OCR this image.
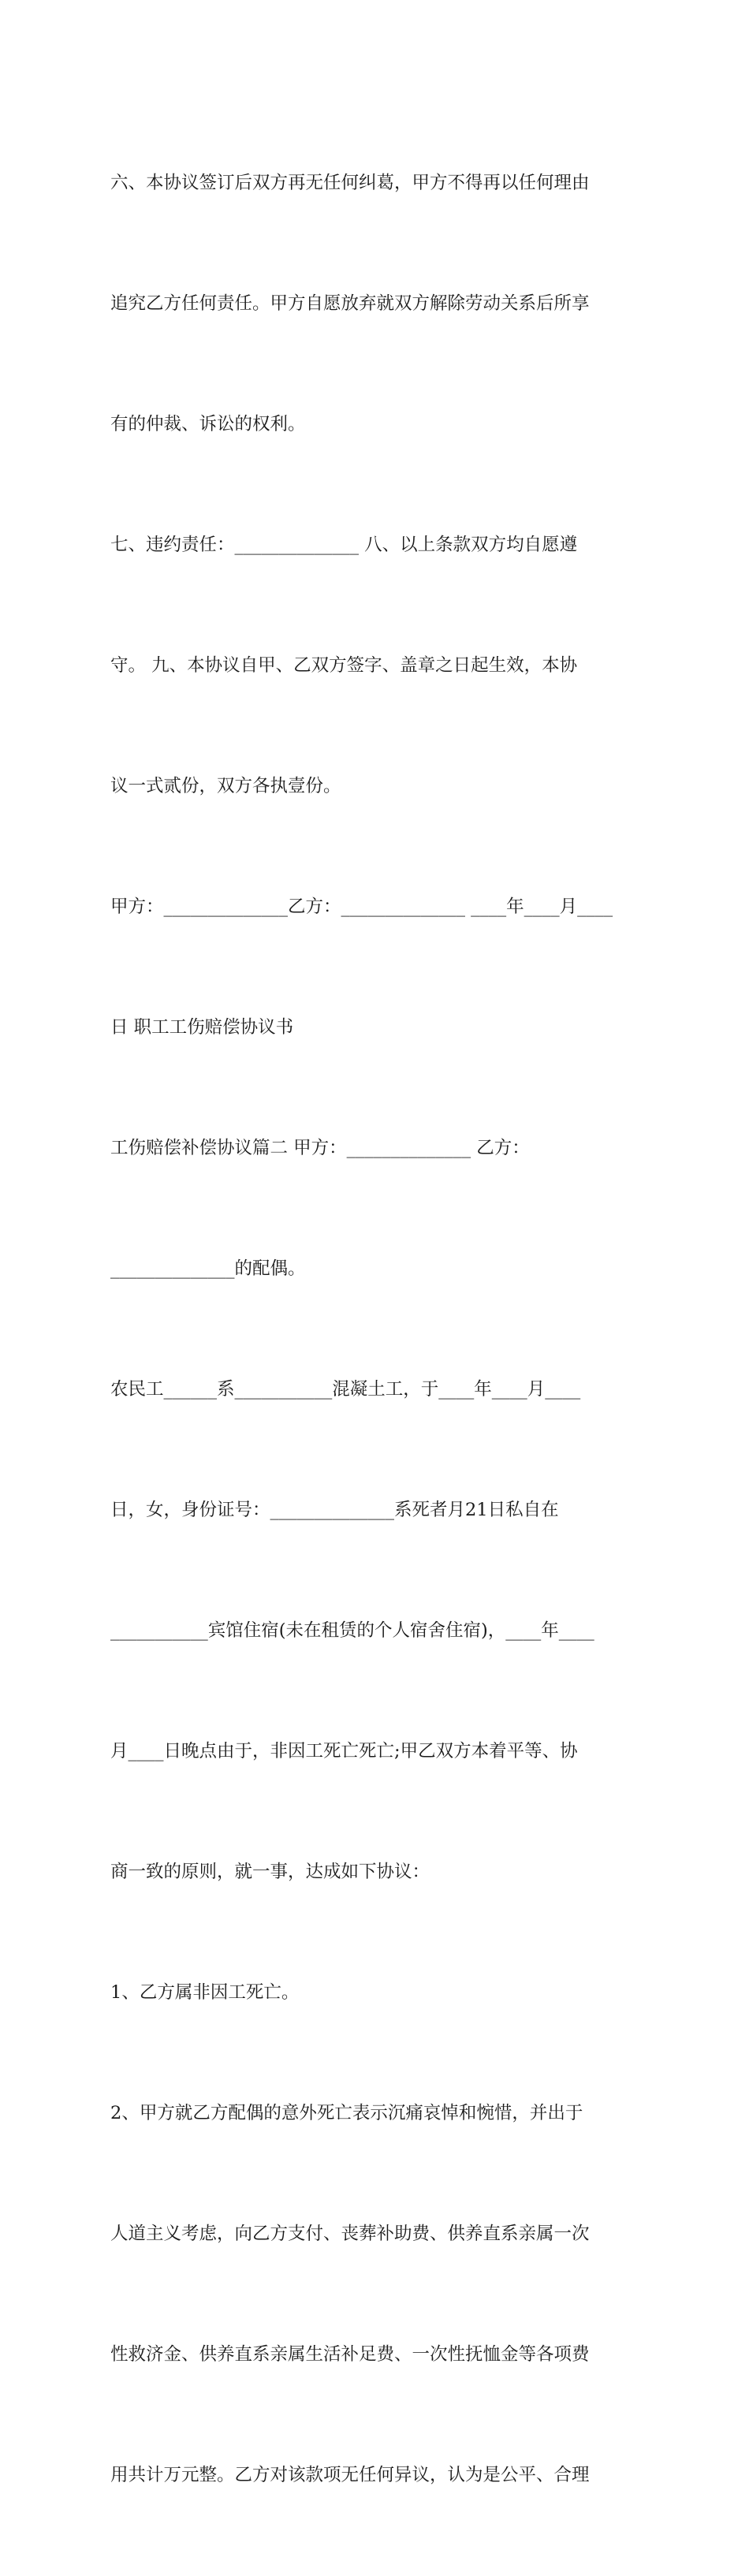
六、本协议签订后双方再无任何纠葛，甲方不得再以任何理由

追究乙方任何责任。甲方自愿放弃就双方解除劳动关系后所享

有的仲裁、诉讼的权利。

七、违约责任：______________ 八、以上条款双方均自愿遵

守。 九、本协议自甲、乙双方签字、盖章之日起生效，本协

议一式贰份，双方各执壹份。

甲方：______________乙方：______________ ____年____月____

日 职工工伤赔偿协议书

工伤赔偿补偿协议篇二 甲方：______________ 乙方：

______________的配偶。

农民工______系___________混凝土工，于____年____月____

日，女，身份证号：______________系死者月21日私自在

___________宾馆住宿(未在租赁的个人宿舍住宿)，____年____

月____日晚点由于，非因工死亡死亡;甲乙双方本着平等、协

商一致的原则，就一事，达成如下协议：

1、乙方属非因工死亡。

2、甲方就乙方配偶的意外死亡表示沉痛哀悼和惋惜，并出于

人道主义考虑，向乙方支付、丧葬补助费、供养直系亲属一次

性救济金、供养直系亲属生活补足费、一次性抚恤金等各项费

用共计万元整。乙方对该款项无任何异议，认为是公平、合理
